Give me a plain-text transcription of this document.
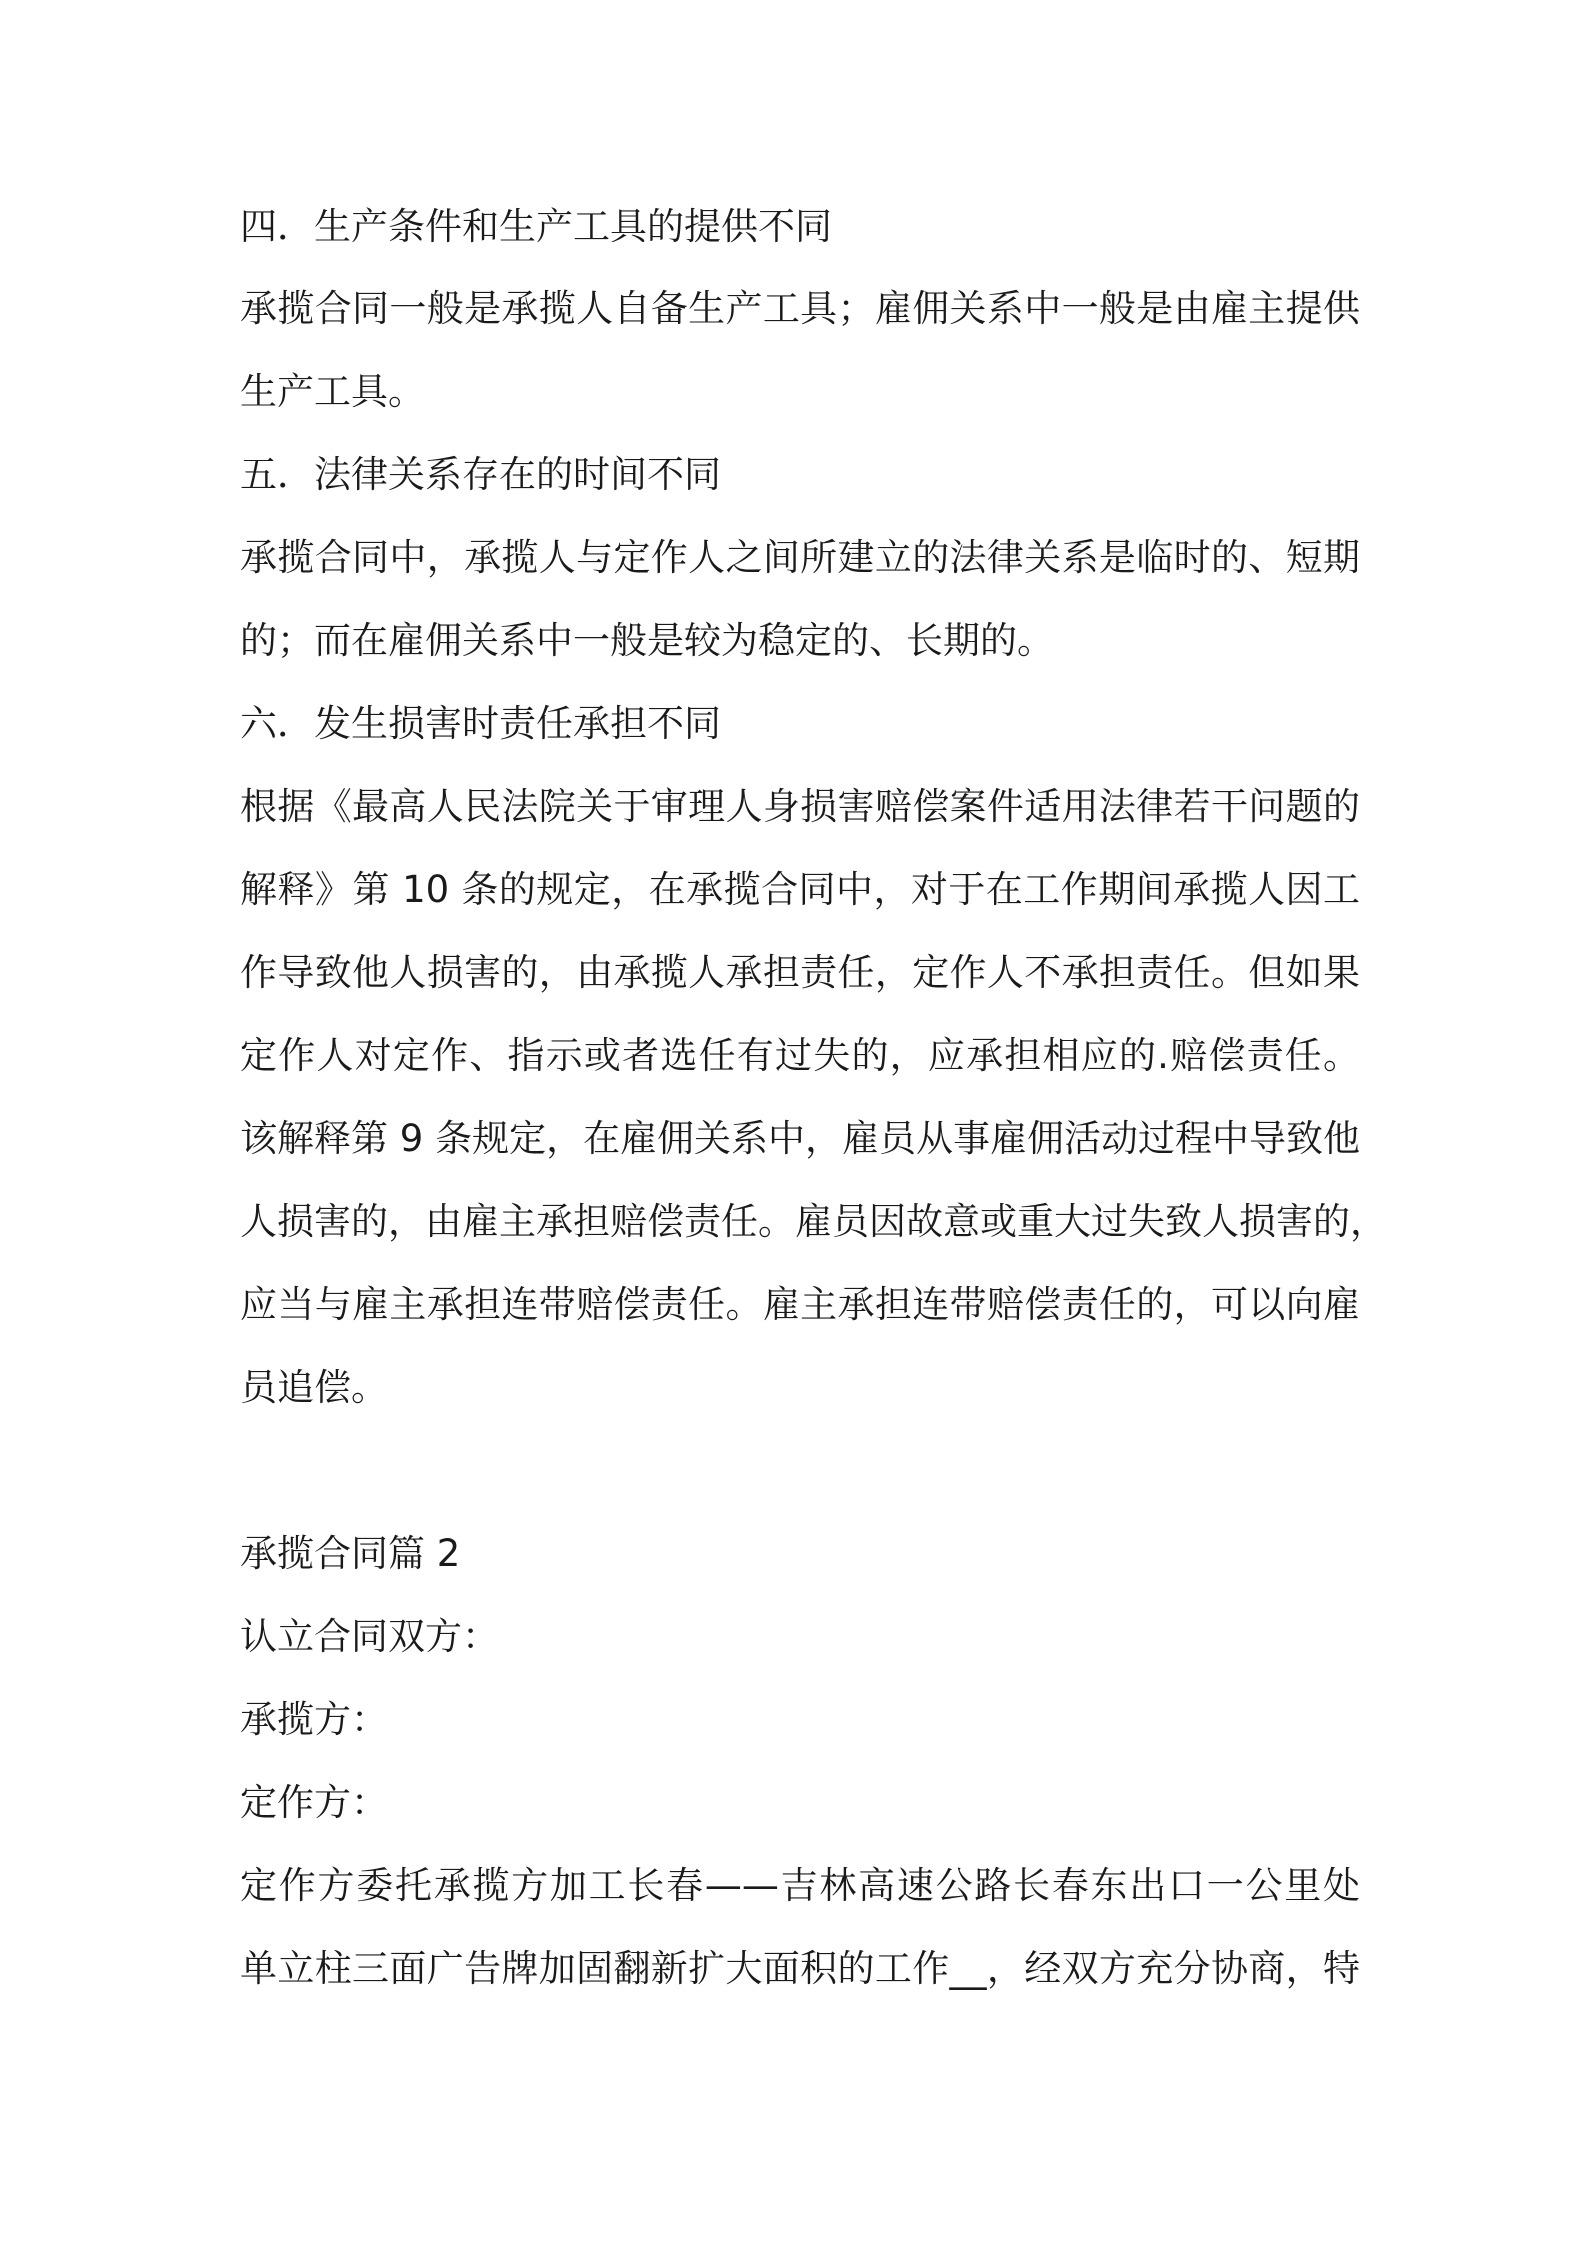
四．生产条件和生产工具的提供不同
承揽合同一般是承揽人自备生产工具；雇佣关系中一般是由雇主提供
生产工具。
五．法律关系存在的时间不同
承揽合同中，承揽人与定作人之间所建立的法律关系是临时的、短期
的；而在雇佣关系中一般是较为稳定的、长期的。
六．发生损害时责任承担不同
根据《最高人民法院关于审理人身损害赔偿案件适用法律若干问题的
解释》第 10 条的规定，在承揽合同中，对于在工作期间承揽人因工
作导致他人损害的，由承揽人承担责任，定作人不承担责任。但如果
定作人对定作、指示或者选任有过失的，应承担相应的.赔偿责任。
该解释第 9 条规定，在雇佣关系中，雇员从事雇佣活动过程中导致他
人损害的，由雇主承担赔偿责任。雇员因故意或重大过失致人损害的，
应当与雇主承担连带赔偿责任。雇主承担连带赔偿责任的，可以向雇
员追偿。
承揽合同篇 2
认立合同双方：
承揽方：
定作方：
定作方委托承揽方加工长春——吉林高速公路长春东出口一公里处
单立柱三面广告牌加固翻新扩大面积的工作__，经双方充分协商，特
